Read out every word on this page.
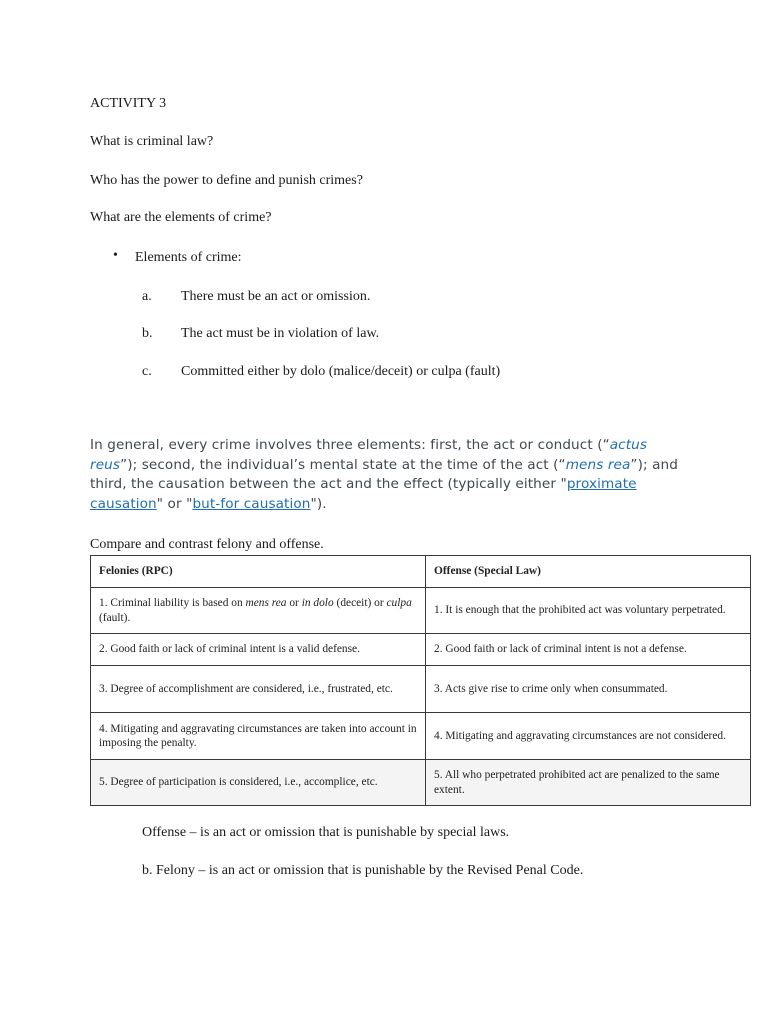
ACTIVITY 3

What is criminal law?

Who has the power to define and punish crimes?

What are the elements of crime?

• Elements of crime:

a. There must be an act or omission.

b. The act must be in violation of law.

c. Committed either by dolo (malice/deceit) or culpa (fault)

In general, every crime involves three elements: first, the act or conduct (“actus reus”); second, the individual’s mental state at the time of the act (“mens rea”); and third, the causation between the act and the effect (typically either "proximate causation" or "but-for causation").

Compare and contrast felony and offense.

Felonies (RPC)	Offense (Special Law)
1. Criminal liability is based on mens rea or in dolo (deceit) or culpa (fault).	1. It is enough that the prohibited act was voluntary perpetrated.
2. Good faith or lack of criminal intent is a valid defense.	2. Good faith or lack of criminal intent is not a defense.
3. Degree of accomplishment are considered, i.e., frustrated, etc.	3. Acts give rise to crime only when consummated.
4. Mitigating and aggravating circumstances are taken into account in imposing the penalty.	4. Mitigating and aggravating circumstances are not considered.
5. Degree of participation is considered, i.e., accomplice, etc.	5. All who perpetrated prohibited act are penalized to the same extent.

Offense – is an act or omission that is punishable by special laws.

b. Felony – is an act or omission that is punishable by the Revised Penal Code.
